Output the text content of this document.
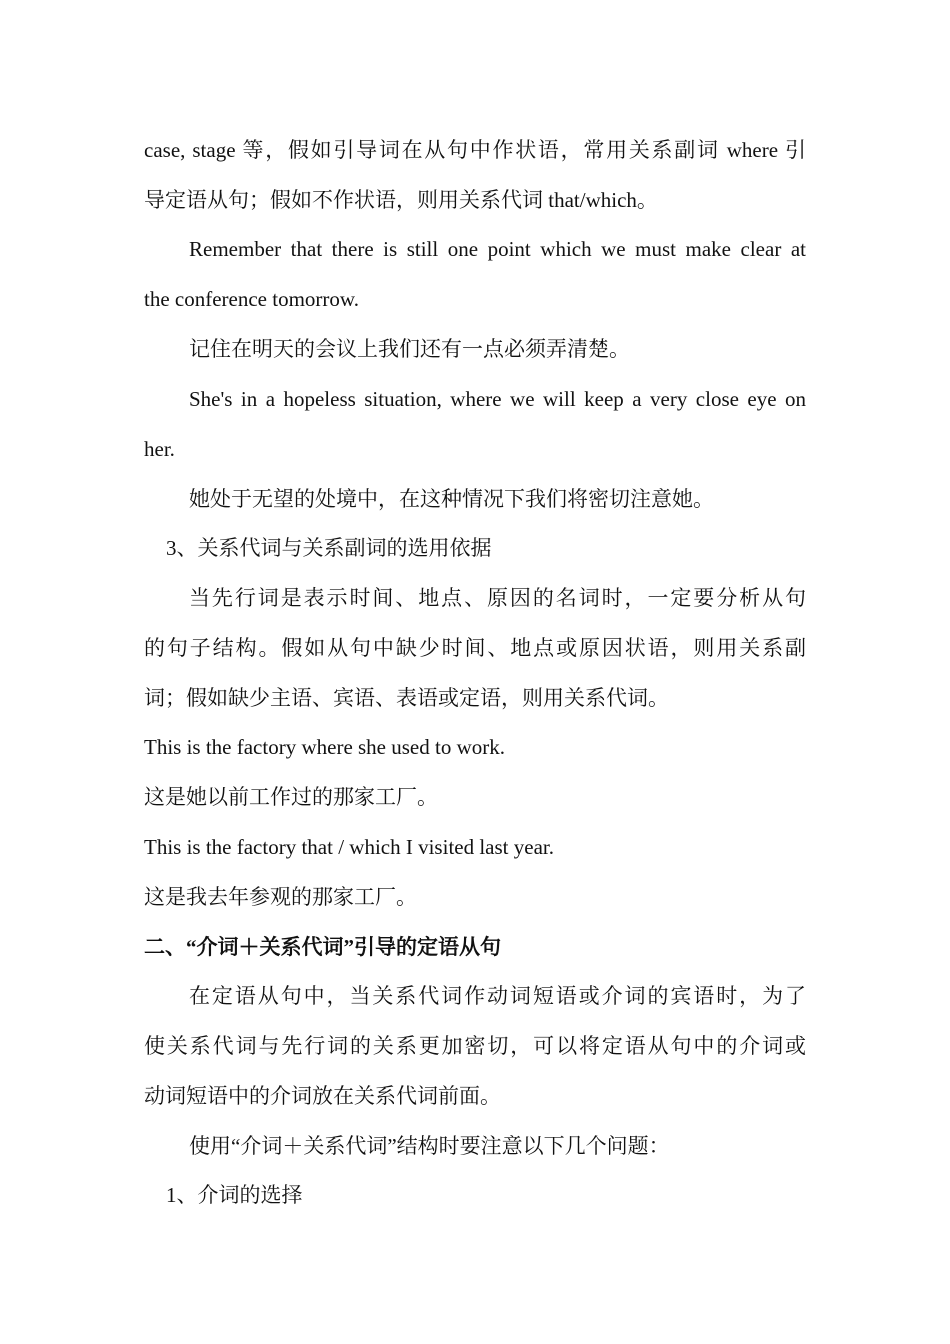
case, stage 等，假如引导词在从句中作状语，常用关系副词 where 引
导定语从句；假如不作状语，则用关系代词 that/which。
Remember that there is still one point which we must make clear at
the conference tomorrow.
记住在明天的会议上我们还有一点必须弄清楚。
She's in a hopeless situation, where we will keep a very close eye on
her.
她处于无望的处境中，在这种情况下我们将密切注意她。
3、关系代词与关系副词的选用依据
当先行词是表示时间、地点、原因的名词时，一定要分析从句
的句子结构。假如从句中缺少时间、地点或原因状语，则用关系副
词；假如缺少主语、宾语、表语或定语，则用关系代词。
This is the factory where she used to work.
这是她以前工作过的那家工厂。
This is the factory that / which I visited last year.
这是我去年参观的那家工厂。
二、“介词＋关系代词”引导的定语从句
在定语从句中，当关系代词作动词短语或介词的宾语时，为了
使关系代词与先行词的关系更加密切，可以将定语从句中的介词或
动词短语中的介词放在关系代词前面。
使用“介词＋关系代词”结构时要注意以下几个问题：
1、介词的选择
